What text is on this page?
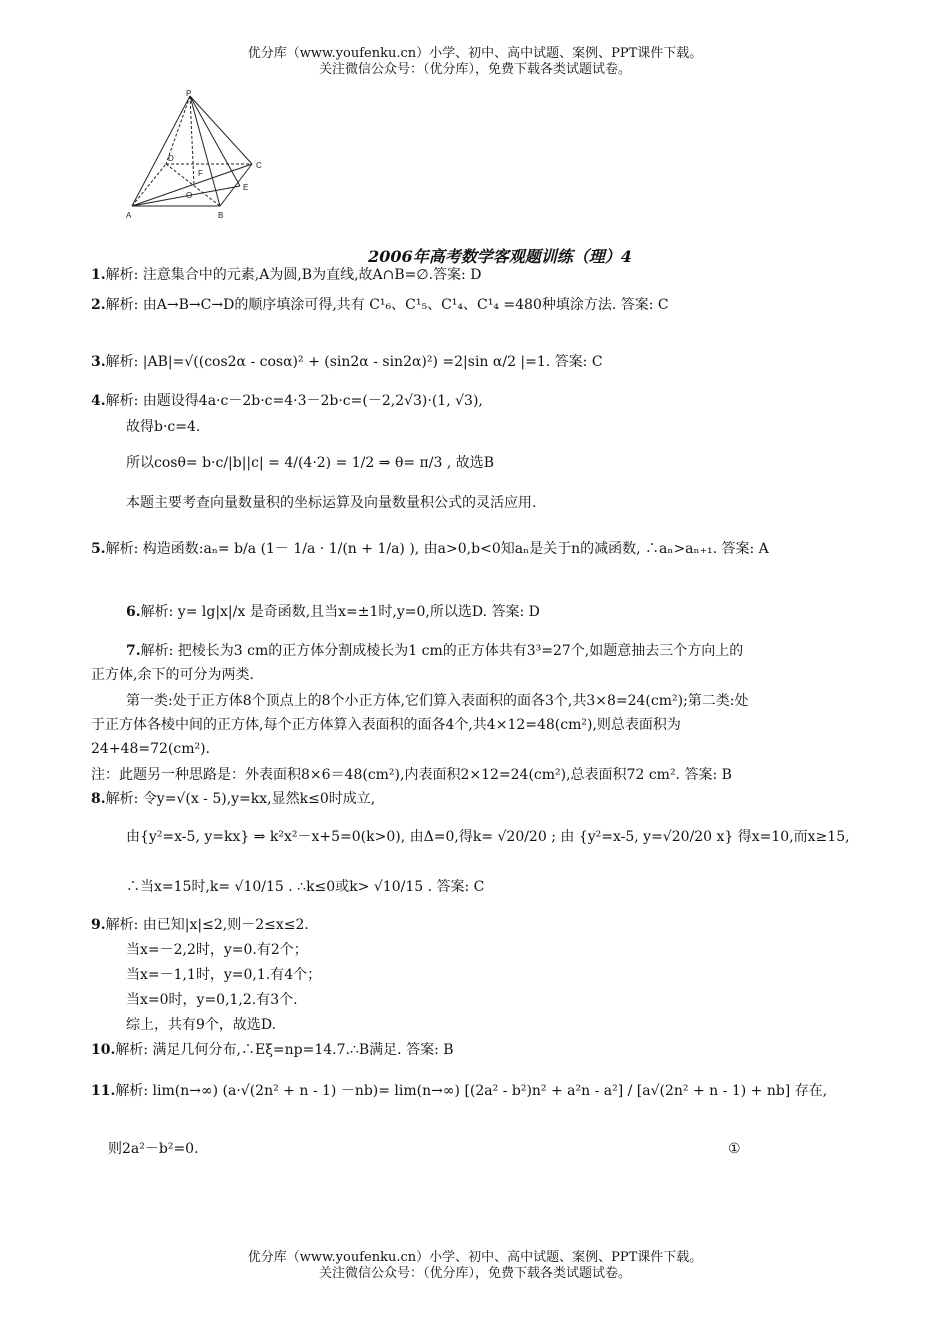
优分库（www.youfenku.cn）小学、初中、高中试题、案例、PPT课件下载。
关注微信公众号：（优分库），免费下载各类试题试卷。
P
D
C
F
O
E
A	B
2006年高考数学客观题训练（理）4
1.解析: 注意集合中的元素,A为圆,B为直线,故A∩B=∅.答案: D
2.解析: 由A→B→C→D的顺序填涂可得,共有 C¹₆、C¹₅、C¹₄、C¹₄ =480种填涂方法. 答案: C
3.解析: |AB|=√((cos2α - cosα)² + (sin2α - sin2α)²) =2|sin α/2 |=1. 答案: C
4.解析: 由题设得4a·c－2b·c=4·3－2b·c=(－2,2√3)·(1, √3),
故得b·c=4.
所以cosθ= b·c/|b||c| = 4/(4·2) = 1/2 ⇒ θ= π/3 , 故选B
本题主要考查向量数量积的坐标运算及向量数量积公式的灵活应用.
5.解析: 构造函数:aₙ= b/a (1－ 1/a · 1/(n + 1/a) ), 由a>0,b<0知aₙ是关于n的减函数, ∴aₙ>aₙ₊₁. 答案: A
6.解析: y= lg|x|/x 是奇函数,且当x=±1时,y=0,所以选D. 答案: D
7.解析: 把棱长为3 cm的正方体分割成棱长为1 cm的正方体共有3³=27个,如题意抽去三个方向上的
正方体,余下的可分为两类.
第一类:处于正方体8个顶点上的8个小正方体,它们算入表面积的面各3个,共3×8=24(cm²);第二类:处
于正方体各棱中间的正方体,每个正方体算入表面积的面各4个,共4×12=48(cm²),则总表面积为
24+48=72(cm²).
注：此题另一种思路是：外表面积8×6＝48(cm²),内表面积2×12=24(cm²),总表面积72 cm². 答案: B
8.解析: 令y=√(x - 5),y=kx,显然k≤0时成立,
由{y²=x-5, y=kx} ⇒ k²x²－x+5=0(k>0), 由Δ=0,得k= √20/20 ; 由 {y²=x-5, y=√20/20 x} 得x=10,而x≥15,
∴当x=15时,k= √10/15 . ∴k≤0或k> √10/15 . 答案: C
9.解析: 由已知|x|≤2,则－2≤x≤2.
当x=－2,2时，y=0.有2个；
当x=－1,1时，y=0,1.有4个；
当x=0时，y=0,1,2.有3个.
综上，共有9个，故选D.
10.解析: 满足几何分布,∴Eξ=np=14.7.∴B满足. 答案: B
11.解析: lim(n→∞) (a·√(2n² + n - 1) －nb)= lim(n→∞) [(2a² - b²)n² + a²n - a²] / [a√(2n² + n - 1) + nb] 存在,
则2a²－b²=0.	①
优分库（www.youfenku.cn）小学、初中、高中试题、案例、PPT课件下载。
关注微信公众号：（优分库），免费下载各类试题试卷。
